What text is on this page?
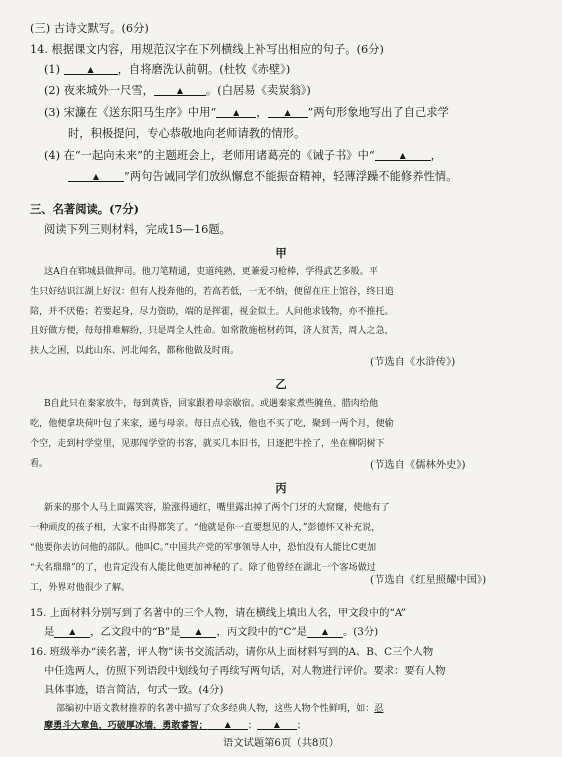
(三) 古诗文默写。(6分)
14. 根据课文内容，用规范汉字在下列横线上补写出相应的句子。(6分)
(1)	▲ ，自将磨洗认前朝。(杜牧《赤壁》)
(2) 夜来城外一尺雪，	▲ 。(白居易《卖炭翁》)
(3) 宋濂在《送东阳马生序》中用“ ▲ ， ▲ ”两句形象地写出了自己求学
时，积极提问，专心恭敬地向老师请教的情形。
(4) 在“一起向未来”的主题班会上，老师用诸葛亮的《诫子书》中“	▲ ，
▲ ”两句告诫同学们放纵懈怠不能振奋精神，轻薄浮躁不能修养性情。
三、名著阅读。(7分)
阅读下列三则材料，完成15—16题。
甲
这A自在郓城县做押司。他刀笔精通，吏道纯熟，更兼爱习枪棒，学得武艺多般。平
生只好结识江湖上好汉：但有人投奔他的，若高若低，一无不纳，便留在庄上馆谷，终日追
陪，并不厌倦；若要起身，尽力资助，端的是挥霍，视金似土。人问他求钱物，亦不推托。
且好做方便，每每排难解纷，只是周全人性命。如常散施棺材药饵，济人贫苦，周人之急，
扶人之困，以此山东、河北闻名，都称他做及时雨。
(节选自《水浒传》)
乙
B自此只在秦家放牛，每到黄昏，回家跟着母亲歇宿。或遇秦家煮些腌鱼、腊肉给他
吃，他便拿块荷叶包了来家，递与母亲。每日点心钱，他也不买了吃，聚到一两个月，便偷
个空，走到村学堂里，见那闯学堂的书客，就买几本旧书，日逐把牛拴了，坐在柳阴树下
看。	(节选自《儒林外史》)
丙
新来的那个人马上面露笑容，脸涨得通红，嘴里露出掉了两个门牙的大窟窿，使他有了
一种顽皮的孩子相，大家不由得都笑了。“他就是你一直要想见的人，”彭德怀又补充说，
“他要你去访问他的部队。他叫C。”中国共产党的军事领导人中，恐怕没有人能比C更加
“大名鼎鼎”的了，也肯定没有人能比他更加神秘的了。除了他曾经在湖北一个客场做过
工，外界对他很少了解。
(节选自《红星照耀中国》)
15. 上面材料分别写到了名著中的三个人物，请在横线上填出人名，甲文段中的“A”
是 ▲ ，乙文段中的“B”是 ▲ ，丙文段中的“C”是 ▲ 。(3分)
16. 班级举办“读名著，评人物”读书交流活动，请你从上面材料写到的A、B、C三个人物
中任选两人，仿照下列语段中划线句子再续写两句话，对人物进行评价。要求：要有人物
具体事迹，语言简洁，句式一致。(4分)
部编初中语文教材推荐的名著中描写了众多经典人物，这些人物个性鲜明，如：忍
摩勇斗大章鱼，巧破厚冰墙，勇敢睿智； ▲ ； ▲ ；
语文试题第6页（共8页）
